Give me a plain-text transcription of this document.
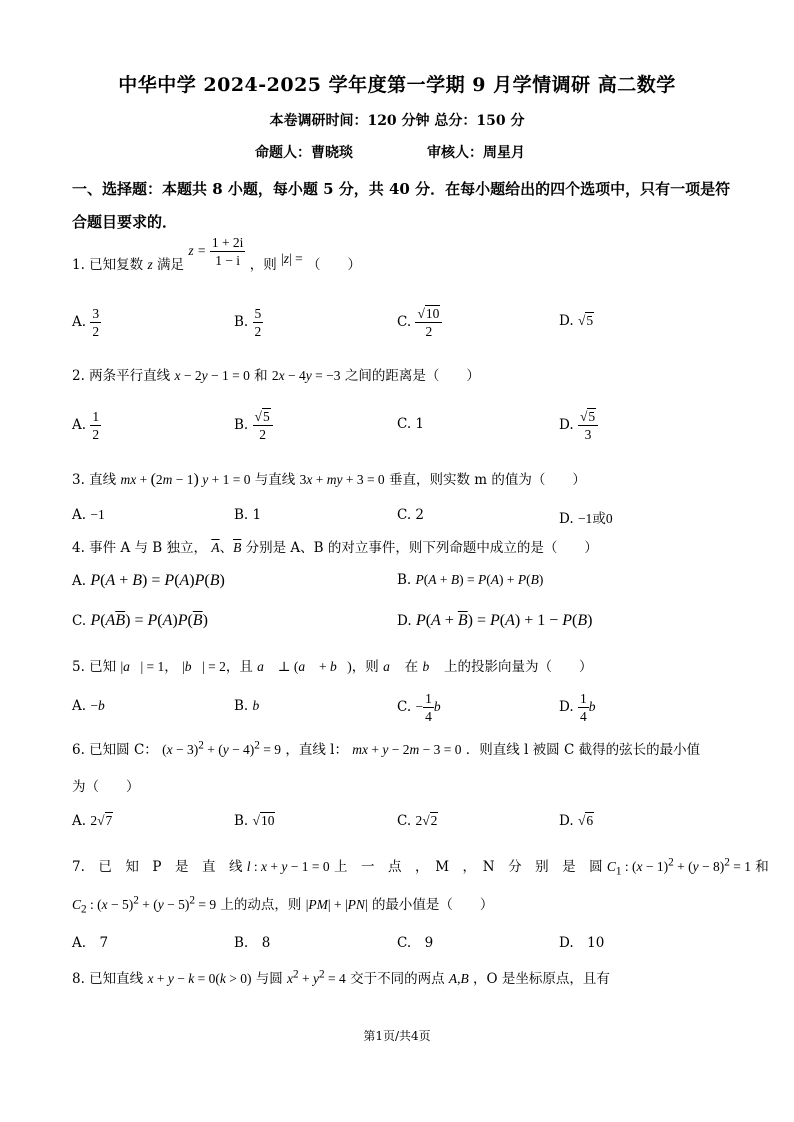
中华中学 2024-2025 学年度第一学期 9 月学情调研 高二数学
本卷调研时间：120 分钟 总分：150 分
命题人：曹晓琰	审核人：周星月
一、选择题：本题共 8 小题，每小题 5 分，共 40 分．在每小题给出的四个选项中，只有一项是符合题目要求的．
1. 已知复数 z 满足 $z = \frac{1 + 2i}{1 - i}$ ，则 |z| = （　　）
A. $\frac{3}{2}$	B. $\frac{5}{2}$	C. $\frac{√10}{2}$	D. √5
2. 两条平行直线 x − 2y − 1 = 0 和 2x − 4y = −3 之间的距离是（　　）
A. $\frac{1}{2}$	B. $\frac{√5}{2}$	C. 1	D. $\frac{√5}{3}$
3. 直线 mx + (2m − 1) y + 1 = 0 与直线 3x + my + 3 = 0 垂直，则实数 m 的值为（　　）
A. −1	B. 1	C. 2	D. −1或0
4. 事件 A 与 B 独立， $\overline{A}$、$\overline{B}$ 分别是 A、B 的对立事件，则下列命题中成立的是（　　）
A. P(A + B) = P(A)P(B)	B. P(A + B) = P(A) + P(B)
C. $P(A\overline{B}) = P(A)P(\overline{B})$	D. $P(A + \overline{B}) = P(A) + 1 - P(B)$
5. 已知 |a⃗| = 1， |b⃗| = 2，且 a⃗ ⊥ (a⃗ + b⃗)，则 a⃗ 在 b⃗ 上的投影向量为（　　）
A. −b⃗	B. b⃗	C. − $\frac{1}{4}$ b⃗	D. $\frac{1}{4}$ b⃗
6. 已知圆 C： $(x - 3)^2 + (y - 4)^2 = 9$ ，直线 l： mx + y − 2m − 3 = 0 ．则直线 l 被圆 C 截得的弦长的最小值
为（　　）
A. 2√7	B. √10	C. 2√2	D. √6
7.　已　知　P　是　直　线 l : x + y − 1 = 0 上　一　点　，　M　，　N　分　别　是　圆 $C_1$ : $(x - 1)^2 + (y - 8)^2 = 1$ 和
$C_2$ : $(x - 5)^2 + (y - 5)^2 = 9$ 上的动点，则 |PM| + |PN| 的最小值是（　　）
A.　7	B.　8	C.　9	D.　10
8. 已知直线 x + y − k = 0(k > 0) 与圆 $x^2 + y^2 = 4$ 交于不同的两点 A,B ，O 是坐标原点，且有
第1页/共4页
